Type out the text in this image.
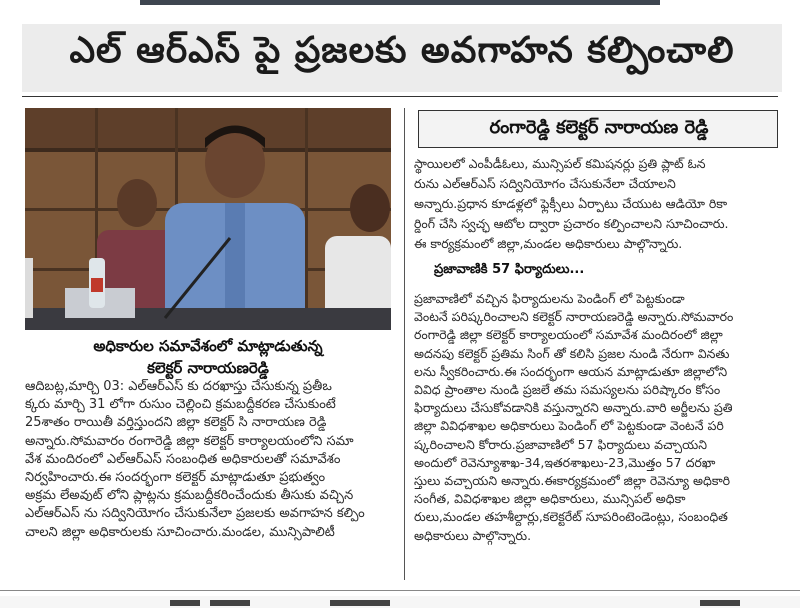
ఎల్ ఆర్ఎస్ పై ప్రజలకు అవగాహన కల్పించాలి
అధికారుల సమావేశంలో మాట్లాడుతున్న
కలెక్టర్ నారాయణరెడ్డి

ఆదిబట్ల,మార్చి 03: ఎల్ఆర్ఎస్ కు దరఖాస్తు చేసుకున్న ప్రతీఒ

క్కరు మార్చి 31 లోగా రుసుం చెల్లించి క్రమబద్దీకరణ చేసుకుంటే

25శాతం రాయితీ వర్తిస్తుందని జిల్లా కలెక్టర్ సి నారాయణ రెడ్డి

అన్నారు.సోమవారం రంగారెడ్డి జిల్లా కలెక్టర్ కార్యాలయంలోని సమా

వేశ మందిరంలో ఎల్ఆర్ఎస్ సంబంధిత అధికారులతో సమావేశం

నిర్వహించారు.ఈ సందర్భంగా కలెక్టర్ మాట్లాడుతూ ప్రభుత్వం

అక్రమ లేఅవుట్ లోని ప్లాట్లను క్రమబద్దీకరించేందుకు తీసుకు వచ్చిన

ఎల్ఆర్ఎస్ ను సద్వినియోగం చేసుకునేలా ప్రజలకు అవగాహన కల్పిం

చాలని జిల్లా అధికారులకు సూచించారు.మండల, మున్సిపాలిటీ

రంగారెడ్డి కలెక్టర్ నారాయణ రెడ్డి

స్థాయిలలో ఎంపీడీఓలు, మున్సిపల్ కమిషనర్లు ప్రతి ప్లాట్ ఓన

రును ఎల్ఆర్ఎస్ సద్వినియోగం చేసుకునేలా చేయాలని

అన్నారు.ప్రధాన కూడళ్లలో ఫ్లెక్సీలు ఏర్పాటు చేయుట ఆడియో రికా

ర్డింగ్ చేసి స్వచ్ఛ ఆటోల ద్వారా ప్రచారం కల్పించాలని సూచించారు.

ఈ కార్యక్రమంలో జిల్లా,మండల అధికారులు పాల్గొన్నారు.

ప్రజావాణికి 57 ఫిర్యాదులు...

ప్రజావాణిలో వచ్చిన ఫిర్యాదులను పెండింగ్ లో పెట్టకుండా

వెంటనే పరిష్కరించాలని కలెక్టర్ నారాయణరెడ్డి అన్నారు.సోమవారం

రంగారెడ్డి జిల్లా కలెక్టర్ కార్యాలయంలో సమావేశ మందిరంలో జిల్లా

అదనపు కలెక్టర్ ప్రతిమ సింగ్ తో కలిసి ప్రజల నుండి నేరుగా వినతు

లను స్వీకరించారు.ఈ సందర్భంగా ఆయన మాట్లాడుతూ జిల్లాలోని

వివిధ ప్రాంతాల నుండి ప్రజలే తమ సమస్యలను పరిష్కారం కోసం

ఫిర్యాదులు చేసుకోవడానికి వస్తున్నారని అన్నారు.వారి అర్జీలను ప్రతి

జిల్లా వివిధశాఖల అధికారులు పెండింగ్ లో పెట్టకుండా వెంటనే పరి

ష్కరించాలని కోరారు.ప్రజావాణిలో 57 ఫిర్యాదులు వచ్చాయని

అందులో రెవెన్యూశాఖ-34,ఇతరశాఖలు-23,మొత్తం 57 దరఖా

స్తులు వచ్చాయని అన్నారు.ఈకార్యక్రమంలో జిల్లా రెవెన్యూ అధికారి

సంగీత, వివిధశాఖల జిల్లా అధికారులు, మున్సిపల్ అధికా

రులు,మండల తహశీల్దార్లు,కలెక్టరేట్ సూపరింటెండెంట్లు, సంబంధిత

అధికారులు పాల్గొన్నారు.
